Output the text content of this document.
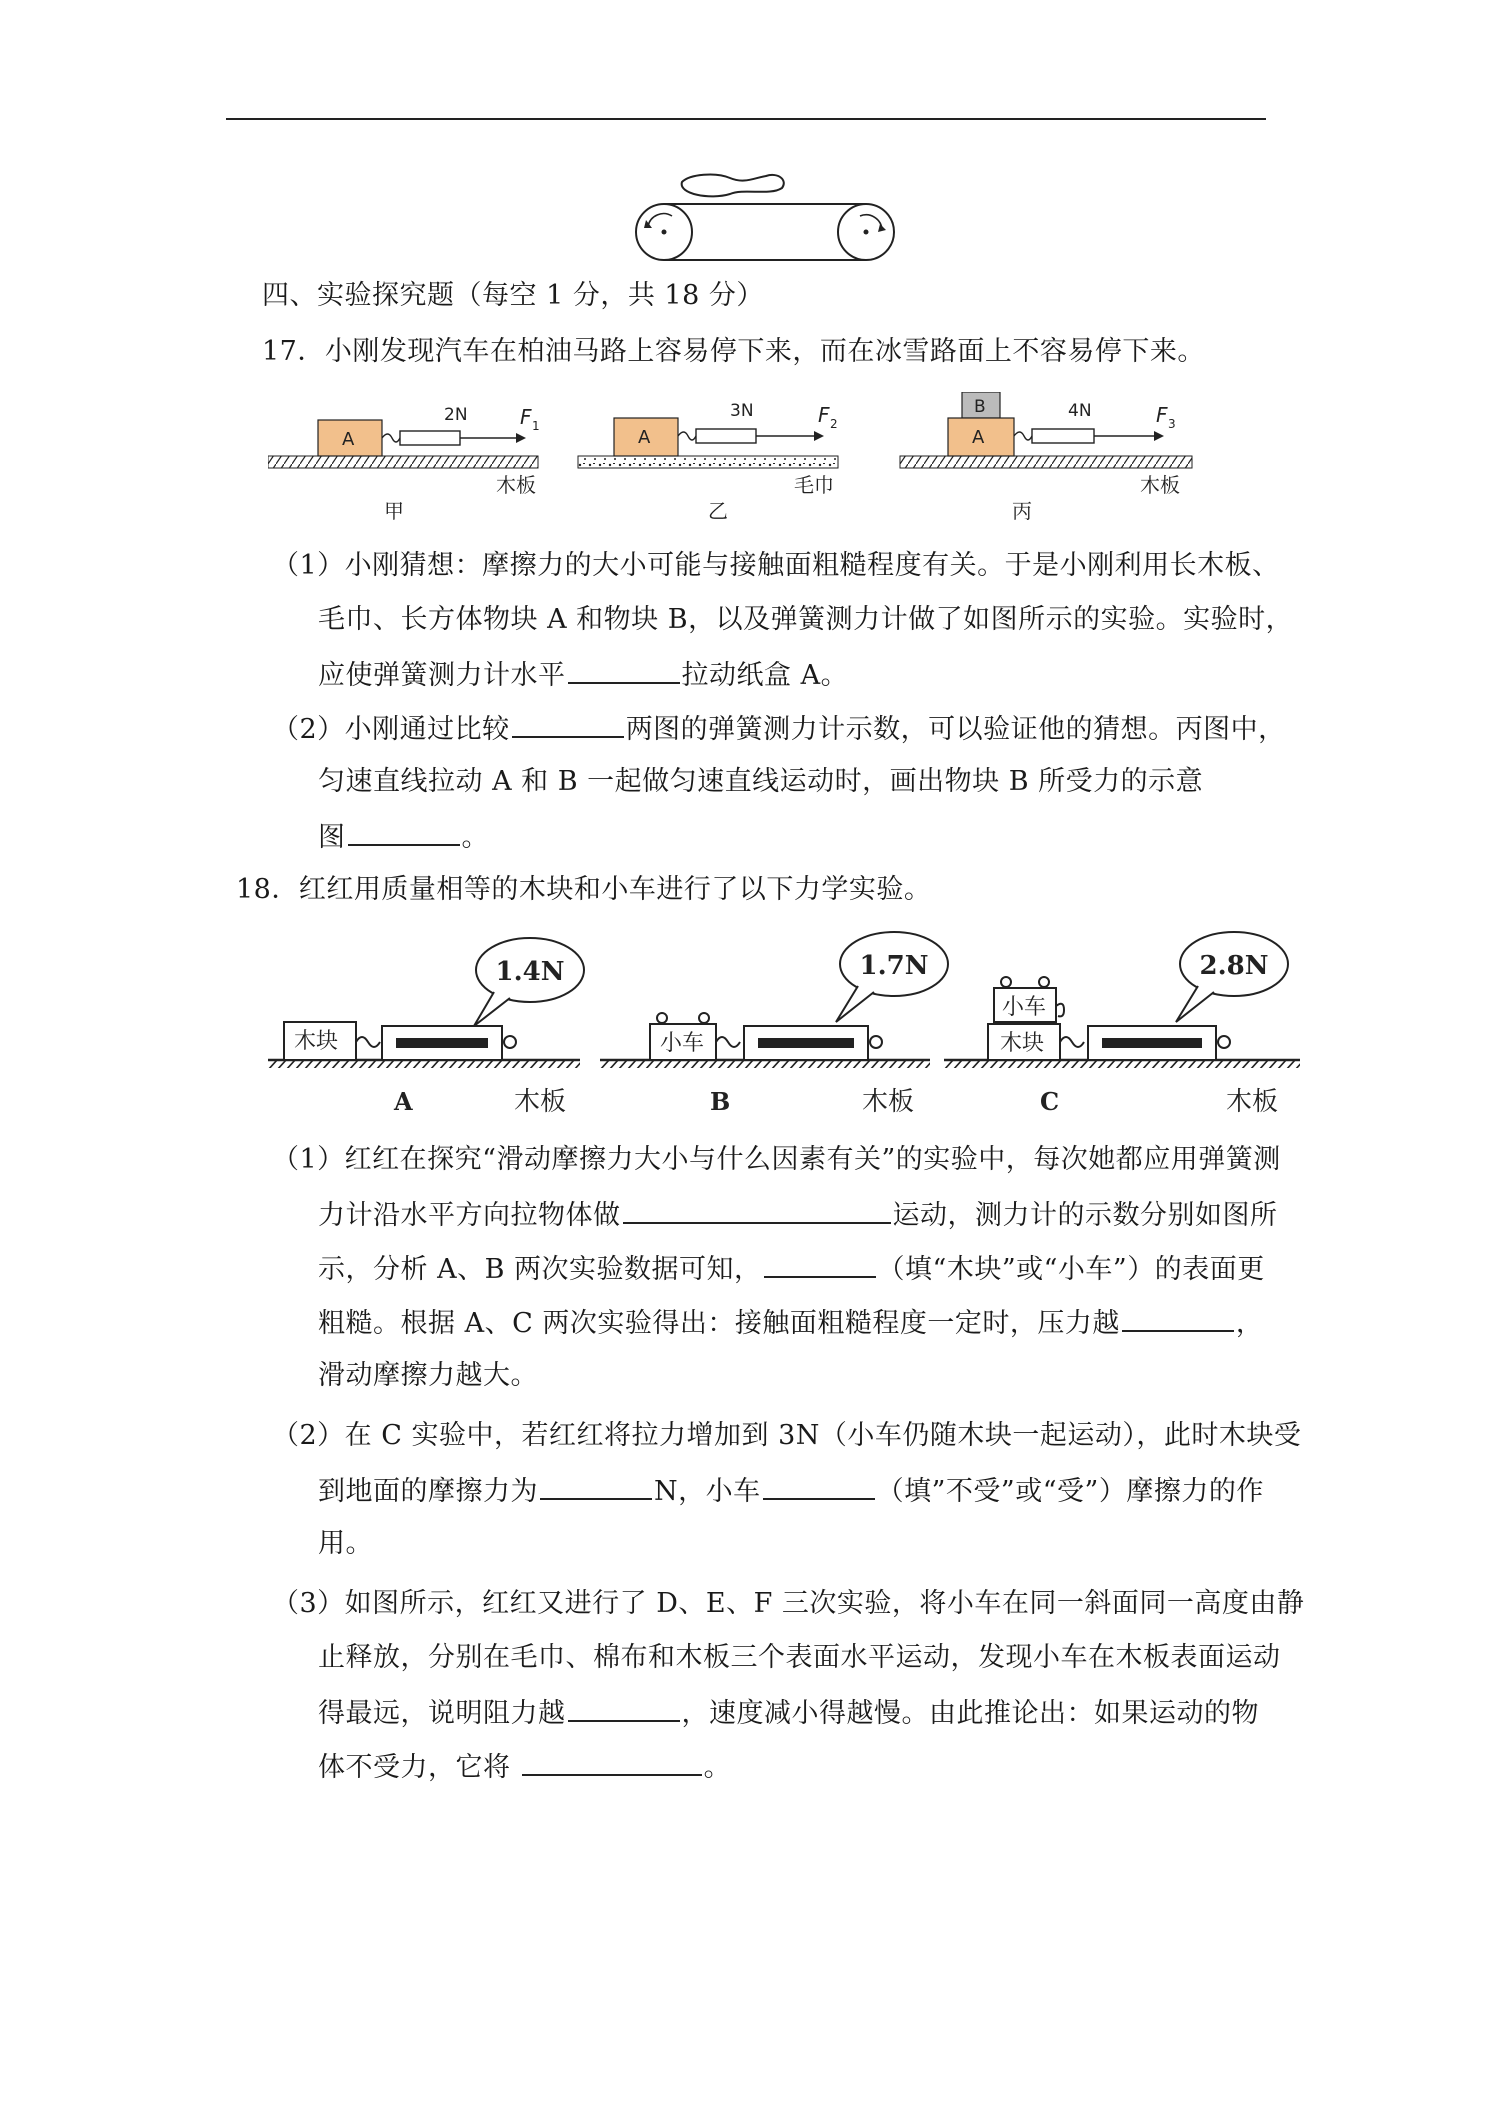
四、实验探究题（每空 1 分，共 18 分）
17．小刚发现汽车在柏油马路上容易停下来，而在冰雪路面上不容易停下来。
A
2N	F 1
木板
甲
A
3N	F 2
毛巾
乙
B
A
4N	F 3
木板
丙
（1）小刚猜想：摩擦力的大小可能与接触面粗糙程度有关。于是小刚利用长木板、
毛巾、长方体物块 A 和物块 B，以及弹簧测力计做了如图所示的实验。实验时，
应使弹簧测力计水平	拉动纸盒 A。
（2）小刚通过比较	两图的弹簧测力计示数，可以验证他的猜想。丙图中，
匀速直线拉动 A 和 B 一起做匀速直线运动时，画出物块 B 所受力的示意
图	。
18．红红用质量相等的木块和小车进行了以下力学实验。
木块
1.4N
A	木板
小车
1.7N
B	木板
木块
小车
2.8N
C	木板
（1）红红在探究“滑动摩擦力大小与什么因素有关”的实验中，每次她都应用弹簧测
力计沿水平方向拉物体做	运动，测力计的示数分别如图所
示，分析 A、B 两次实验数据可知，	（填“木块”或“小车”）的表面更
粗糙。根据 A、C 两次实验得出：接触面粗糙程度一定时，压力越	，
滑动摩擦力越大。
（2）在 C 实验中，若红红将拉力增加到 3N（小车仍随木块一起运动），此时木块受
到地面的摩擦力为	N，小车	（填”不受”或“受”）摩擦力的作
用。
（3）如图所示，红红又进行了 D、E、F 三次实验，将小车在同一斜面同一高度由静
止释放，分别在毛巾、棉布和木板三个表面水平运动，发现小车在木板表面运动
得最远，说明阻力越	，速度减小得越慢。由此推论出：如果运动的物
体不受力，它将	。
